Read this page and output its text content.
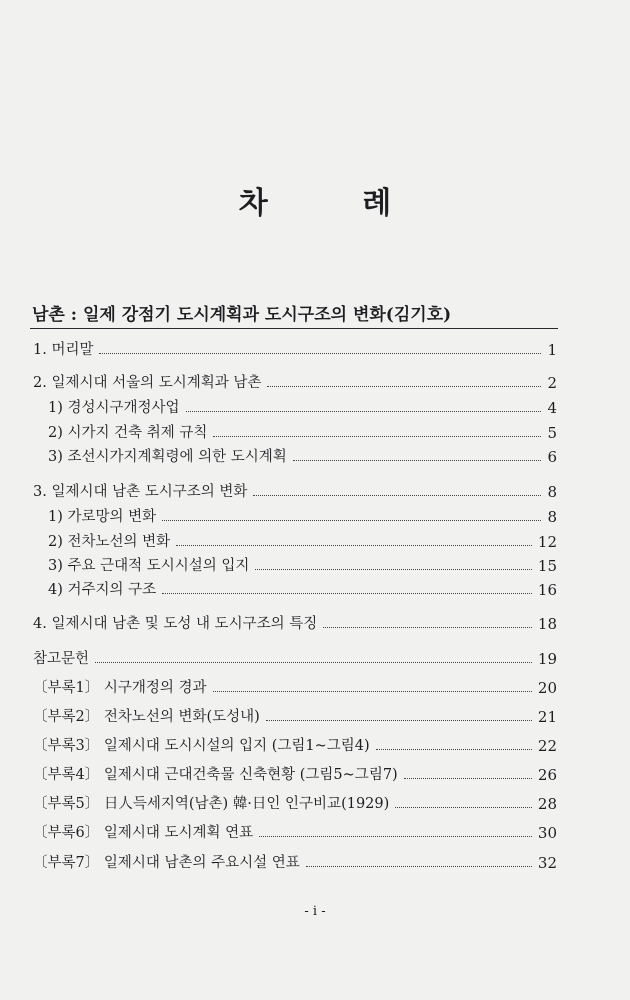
차 례
남촌 : 일제 강점기 도시계획과 도시구조의 변화(김기호)
1. 머리말	1
2. 일제시대 서울의 도시계획과 남촌	2
1) 경성시구개정사업	4
2) 시가지 건축 취제 규칙	5
3) 조선시가지계획령에 의한 도시계획	6
3. 일제시대 남촌 도시구조의 변화	8
1) 가로망의 변화	8
2) 전차노선의 변화	12
3) 주요 근대적 도시시설의 입지	15
4) 거주지의 구조	16
4. 일제시대 남촌 및 도성 내 도시구조의 특징	18
참고문헌	19
〔부록1〕 시구개정의 경과	20
〔부록2〕 전차노선의 변화(도성내)	21
〔부록3〕 일제시대 도시시설의 입지 (그림1~그림4)	22
〔부록4〕 일제시대 근대건축물 신축현황 (그림5~그림7)	26
〔부록5〕 日人득세지역(남촌) 韓·日인 인구비교(1929)	28
〔부록6〕 일제시대 도시계획 연표	30
〔부록7〕 일제시대 남촌의 주요시설 연표	32
- i -
